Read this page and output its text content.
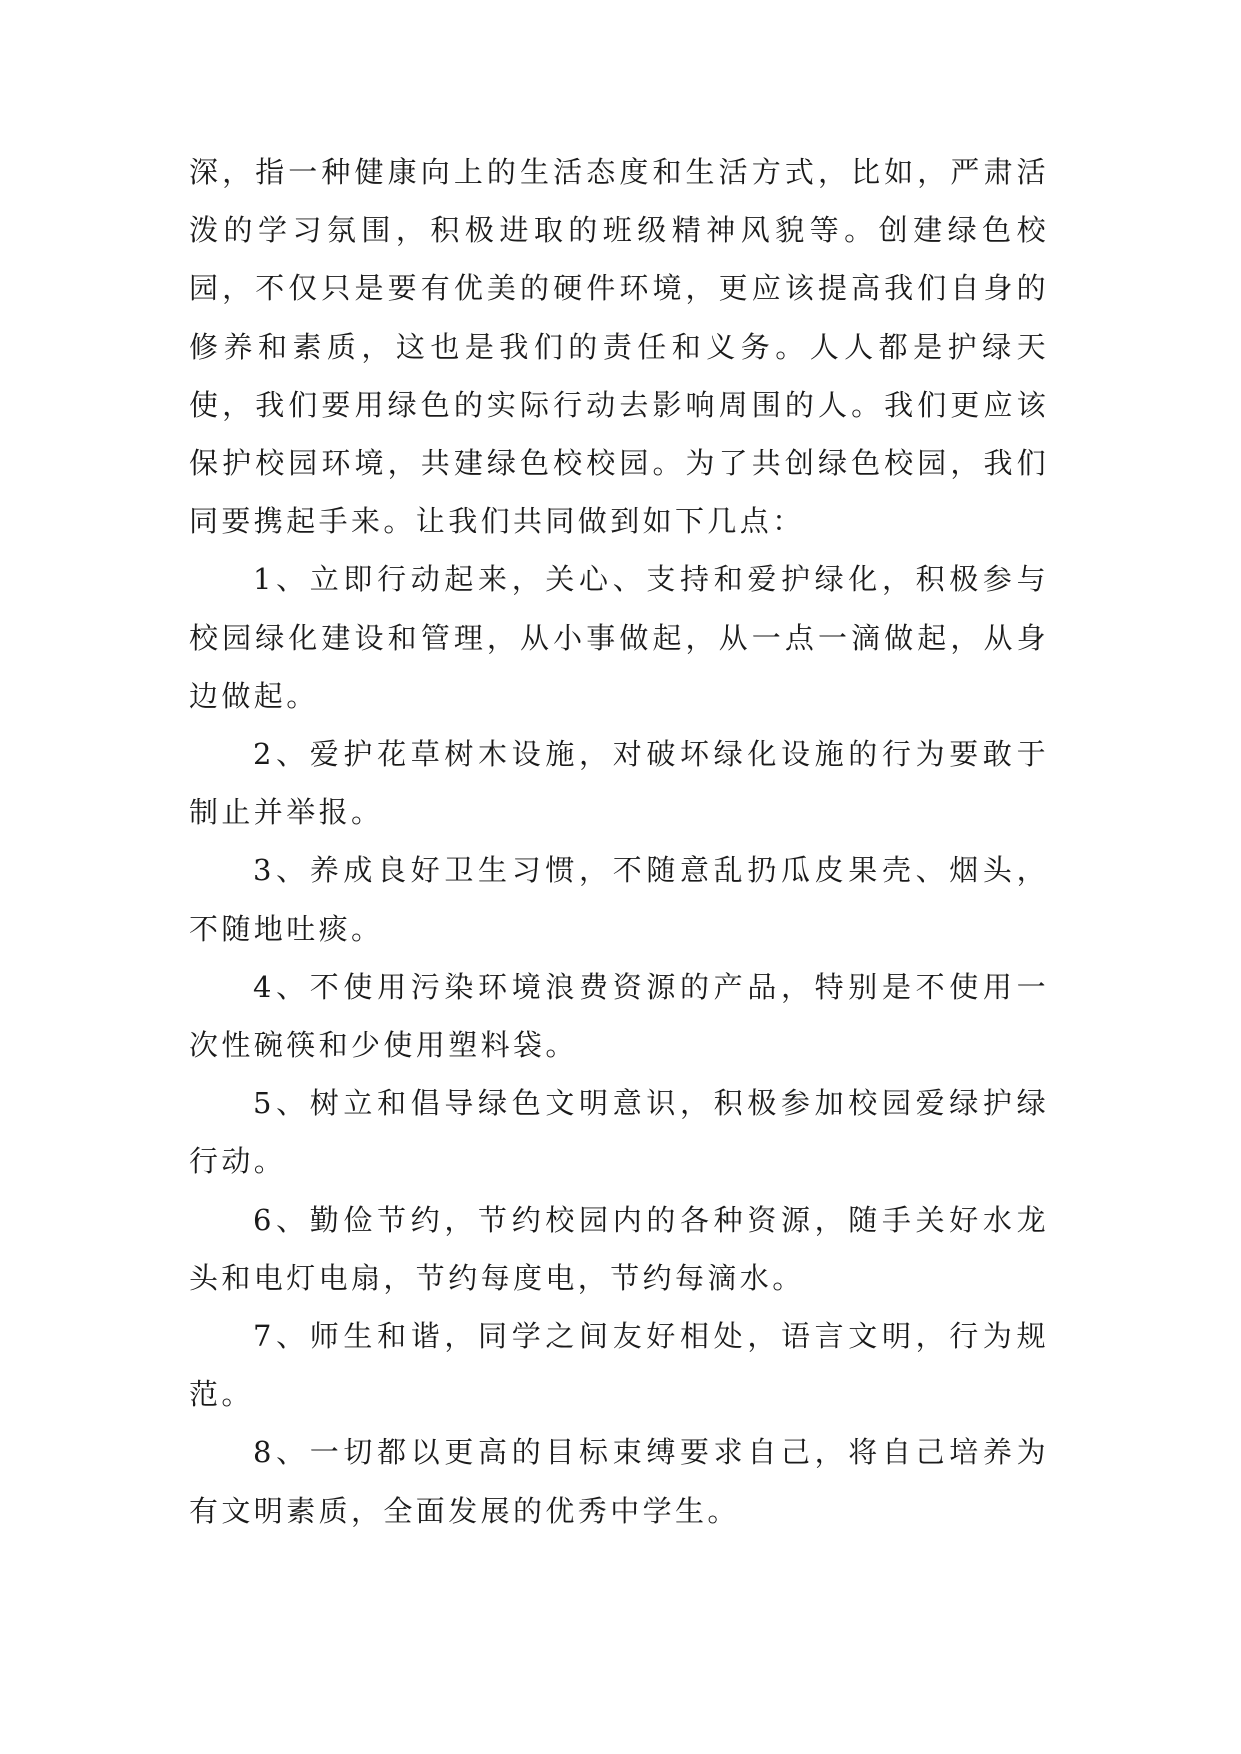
深，指一种健康向上的生活态度和生活方式，比如，严肃活泼的学习氛围，积极进取的班级精神风貌等。创建绿色校园，不仅只是要有优美的硬件环境，更应该提高我们自身的修养和素质，这也是我们的责任和义务。人人都是护绿天使，我们要用绿色的实际行动去影响周围的人。我们更应该保护校园环境，共建绿色校校园。为了共创绿色校园，我们同要携起手来。让我们共同做到如下几点：

1、立即行动起来，关心、支持和爱护绿化，积极参与校园绿化建设和管理，从小事做起，从一点一滴做起，从身边做起。

2、爱护花草树木设施，对破坏绿化设施的行为要敢于制止并举报。

3、养成良好卫生习惯，不随意乱扔瓜皮果壳、烟头，不随地吐痰。

4、不使用污染环境浪费资源的产品，特别是不使用一次性碗筷和少使用塑料袋。

5、树立和倡导绿色文明意识，积极参加校园爱绿护绿行动。

6、勤俭节约，节约校园内的各种资源，随手关好水龙头和电灯电扇，节约每度电，节约每滴水。

7、师生和谐，同学之间友好相处，语言文明，行为规范。

8、一切都以更高的目标束缚要求自己，将自己培养为有文明素质，全面发展的优秀中学生。
